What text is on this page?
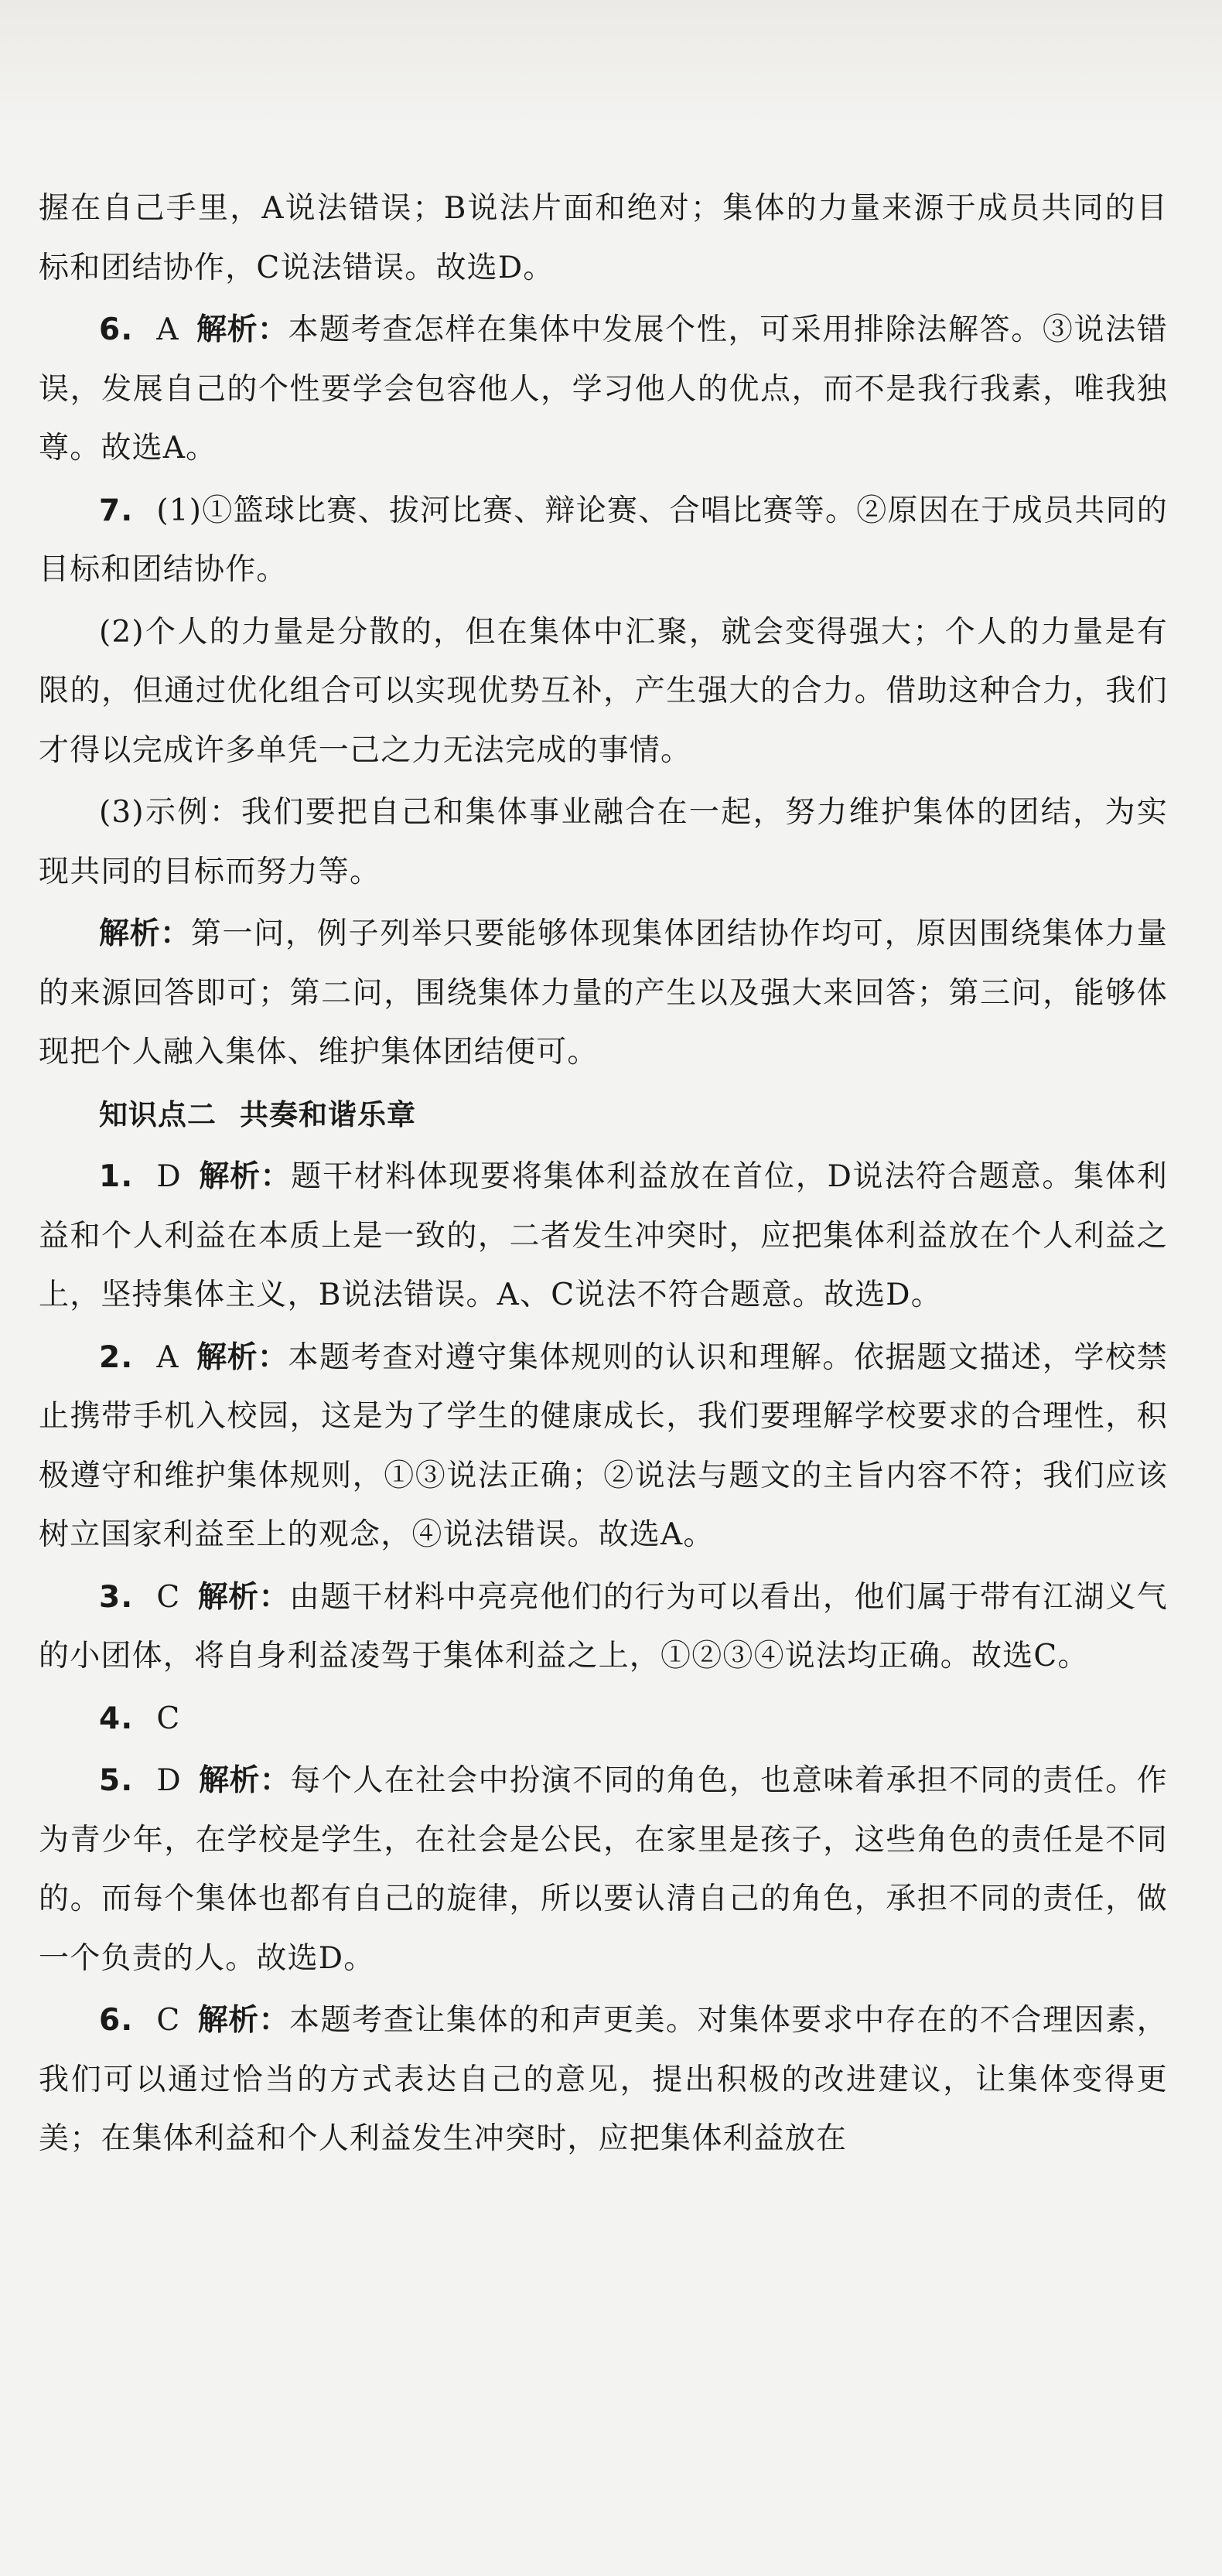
握在自己手里，A说法错误；B说法片面和绝对；集体的力量来源于成员共同的目标和团结协作，C说法错误。故选D。

6. A 解析：本题考查怎样在集体中发展个性，可采用排除法解答。③说法错误，发展自己的个性要学会包容他人，学习他人的优点，而不是我行我素，唯我独尊。故选A。

7. (1)①篮球比赛、拔河比赛、辩论赛、合唱比赛等。②原因在于成员共同的目标和团结协作。

(2)个人的力量是分散的，但在集体中汇聚，就会变得强大；个人的力量是有限的，但通过优化组合可以实现优势互补，产生强大的合力。借助这种合力，我们才得以完成许多单凭一己之力无法完成的事情。

(3)示例：我们要把自己和集体事业融合在一起，努力维护集体的团结，为实现共同的目标而努力等。

解析：第一问，例子列举只要能够体现集体团结协作均可，原因围绕集体力量的来源回答即可；第二问，围绕集体力量的产生以及强大来回答；第三问，能够体现把个人融入集体、维护集体团结便可。

知识点二 共奏和谐乐章

1. D 解析：题干材料体现要将集体利益放在首位，D说法符合题意。集体利益和个人利益在本质上是一致的，二者发生冲突时，应把集体利益放在个人利益之上，坚持集体主义，B说法错误。A、C说法不符合题意。故选D。

2. A 解析：本题考查对遵守集体规则的认识和理解。依据题文描述，学校禁止携带手机入校园，这是为了学生的健康成长，我们要理解学校要求的合理性，积极遵守和维护集体规则，①③说法正确；②说法与题文的主旨内容不符；我们应该树立国家利益至上的观念，④说法错误。故选A。

3. C 解析：由题干材料中亮亮他们的行为可以看出，他们属于带有江湖义气的小团体，将自身利益凌驾于集体利益之上，①②③④说法均正确。故选C。

4. C

5. D 解析：每个人在社会中扮演不同的角色，也意味着承担不同的责任。作为青少年，在学校是学生，在社会是公民，在家里是孩子，这些角色的责任是不同的。而每个集体也都有自己的旋律，所以要认清自己的角色，承担不同的责任，做一个负责的人。故选D。

6. C 解析：本题考查让集体的和声更美。对集体要求中存在的不合理因素，我们可以通过恰当的方式表达自己的意见，提出积极的改进建议，让集体变得更美；在集体利益和个人利益发生冲突时，应把集体利益放在
